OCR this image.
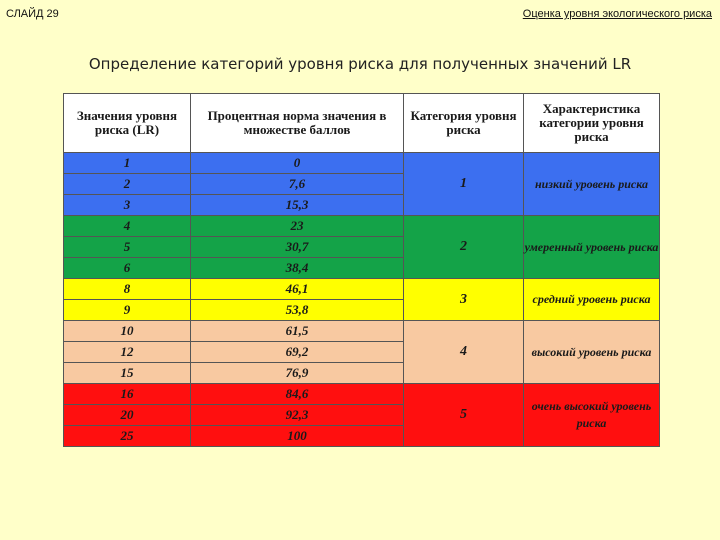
СЛАЙД 29	Оценка уровня экологического риска
Определение категорий уровня риска для полученных значений LR
Значения уровня риска (LR)	Процентная норма значения в множестве баллов	Категория уровня риска	Характеристика категории уровня риска
1	0	1	низкий уровень риска
2	7,6		
3	15,3		
4	23	2	умеренный уровень риска
5	30,7		
6	38,4		
8	46,1	3	средний уровень риска
9	53,8		
10	61,5	4	высокий уровень риска
12	69,2		
15	76,9		
16	84,6	5	очень высокий уровень риска
20	92,3		
25	100		
